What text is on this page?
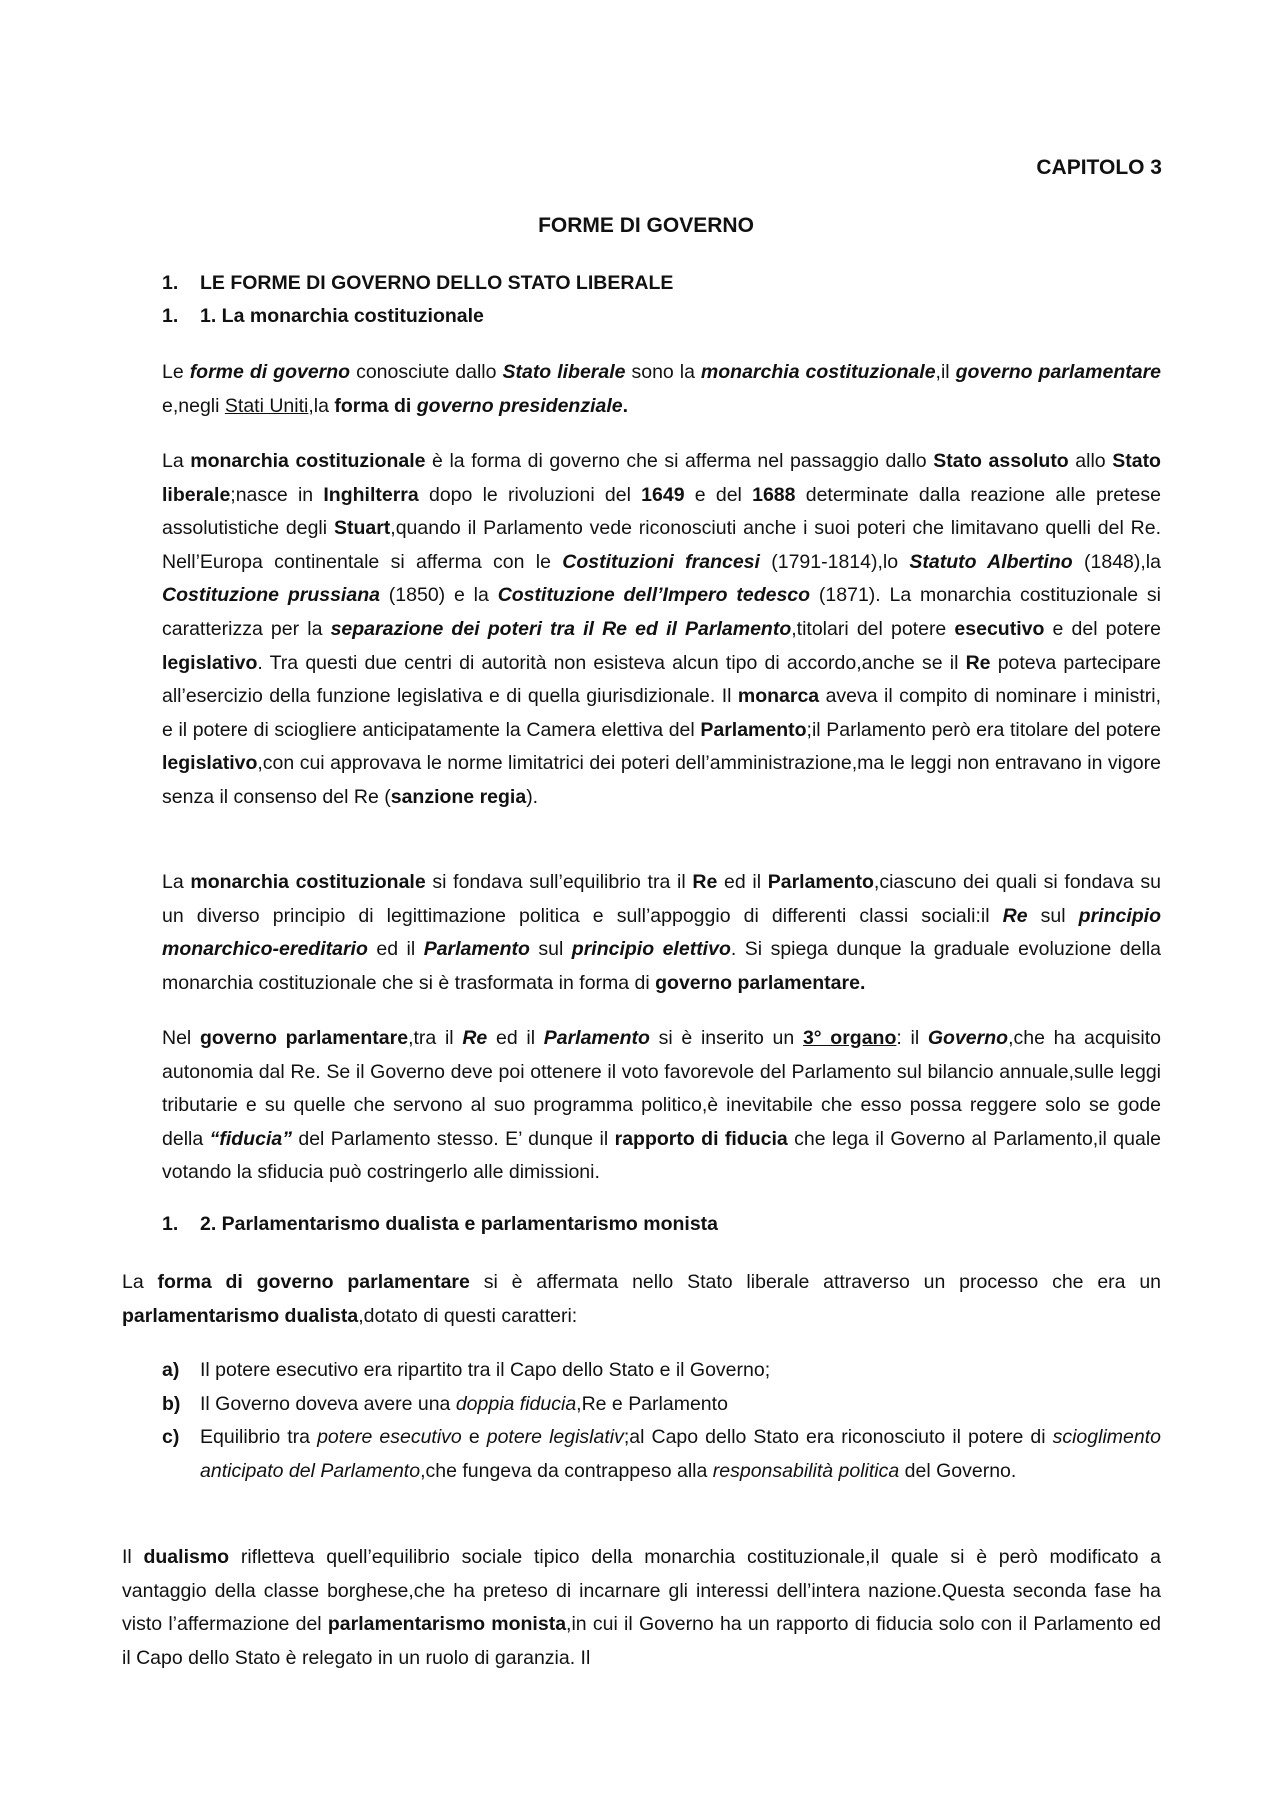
CAPITOLO 3

FORME DI GOVERNO
1. LE FORME DI GOVERNO DELLO STATO LIBERALE
1. 1. La monarchia costituzionale

Le forme di governo conosciute dallo Stato liberale sono la monarchia costituzionale,il governo parlamentare e,negli Stati Uniti,la forma di governo presidenziale.

La monarchia costituzionale è la forma di governo che si afferma nel passaggio dallo Stato assoluto allo Stato liberale;nasce in Inghilterra dopo le rivoluzioni del 1649 e del 1688 determinate dalla reazione alle pretese assolutistiche degli Stuart,quando il Parlamento vede riconosciuti anche i suoi poteri che limitavano quelli del Re. Nell’Europa continentale si afferma con le Costituzioni francesi (1791-1814),lo Statuto Albertino (1848),la Costituzione prussiana (1850) e la Costituzione dell’Impero tedesco (1871). La monarchia costituzionale si caratterizza per la separazione dei poteri tra il Re ed il Parlamento,titolari del potere esecutivo e del potere legislativo. Tra questi due centri di autorità non esisteva alcun tipo di accordo,anche se il Re poteva partecipare all’esercizio della funzione legislativa e di quella giurisdizionale. Il monarca aveva il compito di nominare i ministri, e il potere di sciogliere anticipatamente la Camera elettiva del Parlamento;il Parlamento però era titolare del potere legislativo,con cui approvava le norme limitatrici dei poteri dell’amministrazione,ma le leggi non entravano in vigore senza il consenso del Re (sanzione regia).

La monarchia costituzionale si fondava sull’equilibrio tra il Re ed il Parlamento,ciascuno dei quali si fondava su un diverso principio di legittimazione politica e sull’appoggio di differenti classi sociali:il Re sul principio monarchico-ereditario ed il Parlamento sul principio elettivo. Si spiega dunque la graduale evoluzione della monarchia costituzionale che si è trasformata in forma di governo parlamentare.

Nel governo parlamentare,tra il Re ed il Parlamento si è inserito un 3° organo: il Governo,che ha acquisito autonomia dal Re. Se il Governo deve poi ottenere il voto favorevole del Parlamento sul bilancio annuale,sulle leggi tributarie e su quelle che servono al suo programma politico,è inevitabile che esso possa reggere solo se gode della “fiducia” del Parlamento stesso. E’ dunque il rapporto di fiducia che lega il Governo al Parlamento,il quale votando la sfiducia può costringerlo alle dimissioni.

1. 2. Parlamentarismo dualista e parlamentarismo monista

La forma di governo parlamentare si è affermata nello Stato liberale attraverso un processo che era un parlamentarismo dualista,dotato di questi caratteri:

a)	Il potere esecutivo era ripartito tra il Capo dello Stato e il Governo;
b)	Il Governo doveva avere una doppia fiducia,Re e Parlamento
c)	Equilibrio tra potere esecutivo e potere legislativ;al Capo dello Stato era riconosciuto il potere di scioglimento anticipato del Parlamento,che fungeva da contrappeso alla responsabilità politica del Governo.

Il dualismo rifletteva quell’equilibrio sociale tipico della monarchia costituzionale,il quale si è però modificato a vantaggio della classe borghese,che ha preteso di incarnare gli interessi dell’intera nazione.Questa seconda fase ha visto l’affermazione del parlamentarismo monista,in cui il Governo ha un rapporto di fiducia solo con il Parlamento ed il Capo dello Stato è relegato in un ruolo di garanzia. Il
